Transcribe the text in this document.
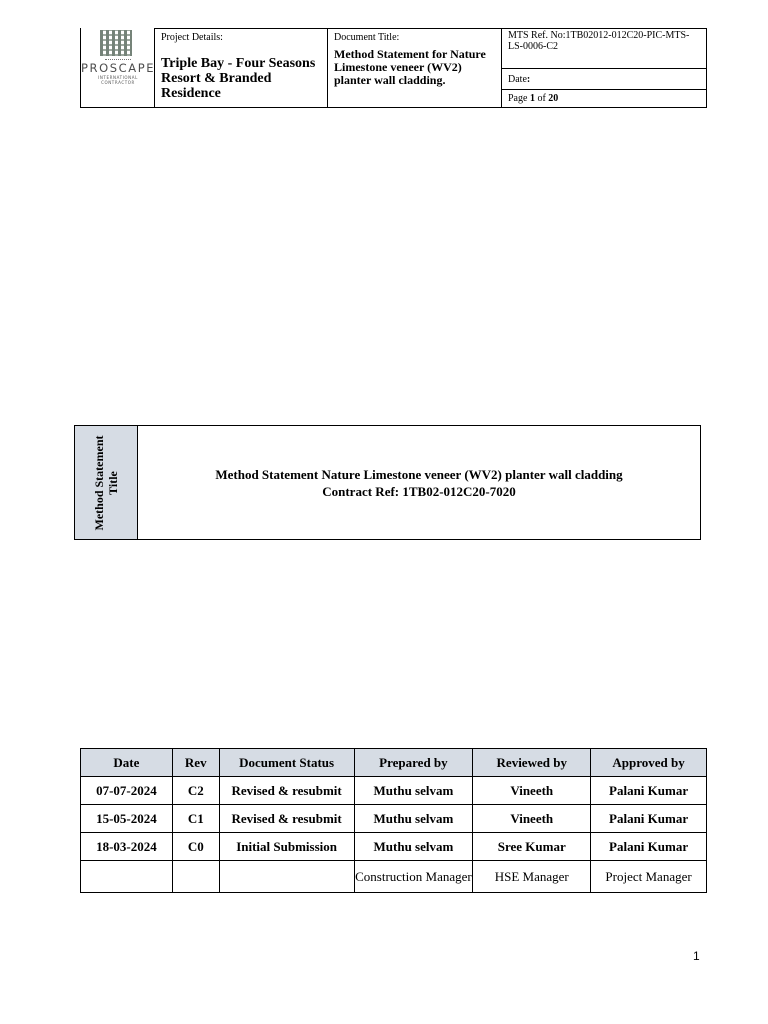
PROSCAPE
INTERNATIONAL CONTRACTOR
Project Details:
Triple Bay - Four Seasons Resort & Branded Residence
Document Title:
Method Statement for Nature Limestone veneer (WV2) planter wall cladding.
MTS Ref. No:1TB02012-012C20-PIC-MTS-LS-0006-C2
Date :
Page
1
of
20
Method Statement Title	Method Statement Nature Limestone veneer (WV2) planter wall cladding
Contract Ref: 1TB02-012C20-7020
Date	Rev	Document Status	Prepared by	Reviewed by	Approved by
07-07-2024	C2	Revised & resubmit	Muthu selvam	Vineeth	Palani Kumar
15-05-2024	C1	Revised & resubmit	Muthu selvam	Vineeth	Palani Kumar
18-03-2024	C0	Initial Submission	Muthu selvam	Sree Kumar	Palani Kumar
			Construction Manager	HSE Manager	Project Manager
1
